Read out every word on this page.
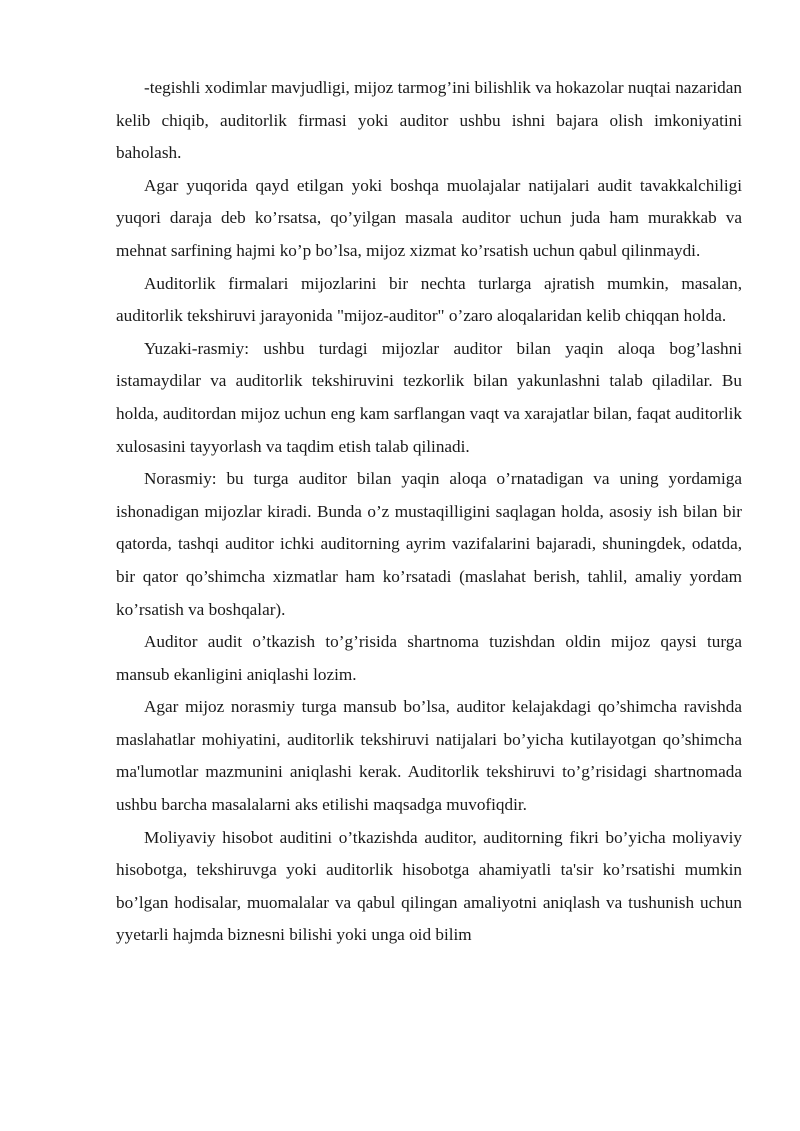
-tegishli xodimlar mavjudligi, mijoz tarmog’ini bilishlik va hokazolar nuqtai nazaridan kelib chiqib, auditorlik firmasi yoki auditor ushbu ishni bajara olish imkoniyatini baholash.

Agar yuqorida qayd etilgan yoki boshqa muolajalar natijalari audit tavakkalchiligi yuqori daraja deb ko’rsatsa, qo’yilgan masala auditor uchun juda ham murakkab va mehnat sarfining hajmi ko’p bo’lsa, mijoz xizmat ko’rsatish uchun qabul qilinmaydi.

Auditorlik firmalari mijozlarini bir nechta turlarga ajratish mumkin, masalan, auditorlik tekshiruvi jarayonida "mijoz-auditor" o’zaro aloqalaridan kelib chiqqan holda.

Yuzaki-rasmiy: ushbu turdagi mijozlar auditor bilan yaqin aloqa bog’lashni istamaydilar va auditorlik tekshiruvini tezkorlik bilan yakunlashni talab qiladilar. Bu holda, auditordan mijoz uchun eng kam sarflangan vaqt va xarajatlar bilan, faqat auditorlik xulosasini tayyorlash va taqdim etish talab qilinadi.

Norasmiy: bu turga auditor bilan yaqin aloqa o’rnatadigan va uning yordamiga ishonadigan mijozlar kiradi. Bunda o’z mustaqilligini saqlagan holda, asosiy ish bilan bir qatorda, tashqi auditor ichki auditorning ayrim vazifalarini bajaradi, shuningdek, odatda, bir qator qo’shimcha xizmatlar ham ko’rsatadi (maslahat berish, tahlil, amaliy yordam ko’rsatish va boshqalar).

Auditor audit o’tkazish to’g’risida shartnoma tuzishdan oldin mijoz qaysi turga mansub ekanligini aniqlashi lozim.

Agar mijoz norasmiy turga mansub bo’lsa, auditor kelajakdagi qo’shimcha ravishda maslahatlar mohiyatini, auditorlik tekshiruvi natijalari bo’yicha kutilayotgan qo’shimcha ma'lumotlar mazmunini aniqlashi kerak. Auditorlik tekshiruvi to’g’risidagi shartnomada ushbu barcha masalalarni aks etilishi maqsadga muvofiqdir.

Moliyaviy hisobot auditini o’tkazishda auditor, auditorning fikri bo’yicha moliyaviy hisobotga, tekshiruvga yoki auditorlik hisobotga ahamiyatli ta'sir ko’rsatishi mumkin bo’lgan hodisalar, muomalalar va qabul qilingan amaliyotni aniqlash va tushunish uchun yyetarli hajmda biznesni bilishi yoki unga oid bilim
